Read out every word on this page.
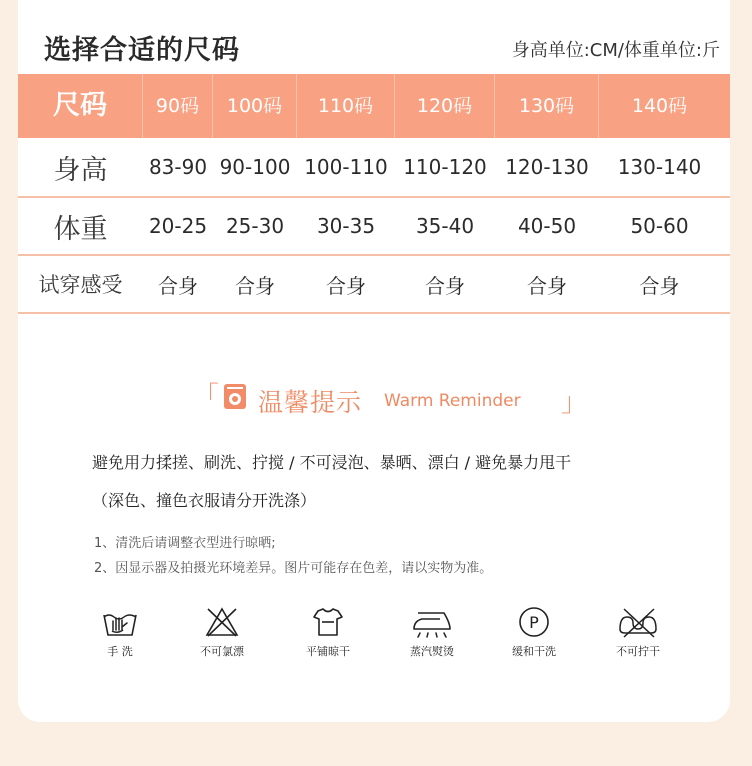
选择合适的尺码	身高单位:CM/体重单位:斤
尺码	90码	100码	110码	120码	130码	140码
身高	83-90 90-100 100-110 110-120 120-130	130-140
体重	20-25 25-30	30-35	35-40	40-50	50-60
试穿感受	合身	合身	合身	合身	合身	合身
「 温馨提示 Warm Reminder 」
避免用力揉搓、刷洗、拧搅 / 不可浸泡、暴晒、漂白 / 避免暴力甩干
（深色、撞色衣服请分开洗涤）
1、清洗后请调整衣型进行晾晒;
2、因显示器及拍摄光环境差异。图片可能存在色差，请以实物为准。
手 洗	不可氯漂	平铺晾干	蒸汽熨烫
P
缓和干洗	不可拧干
